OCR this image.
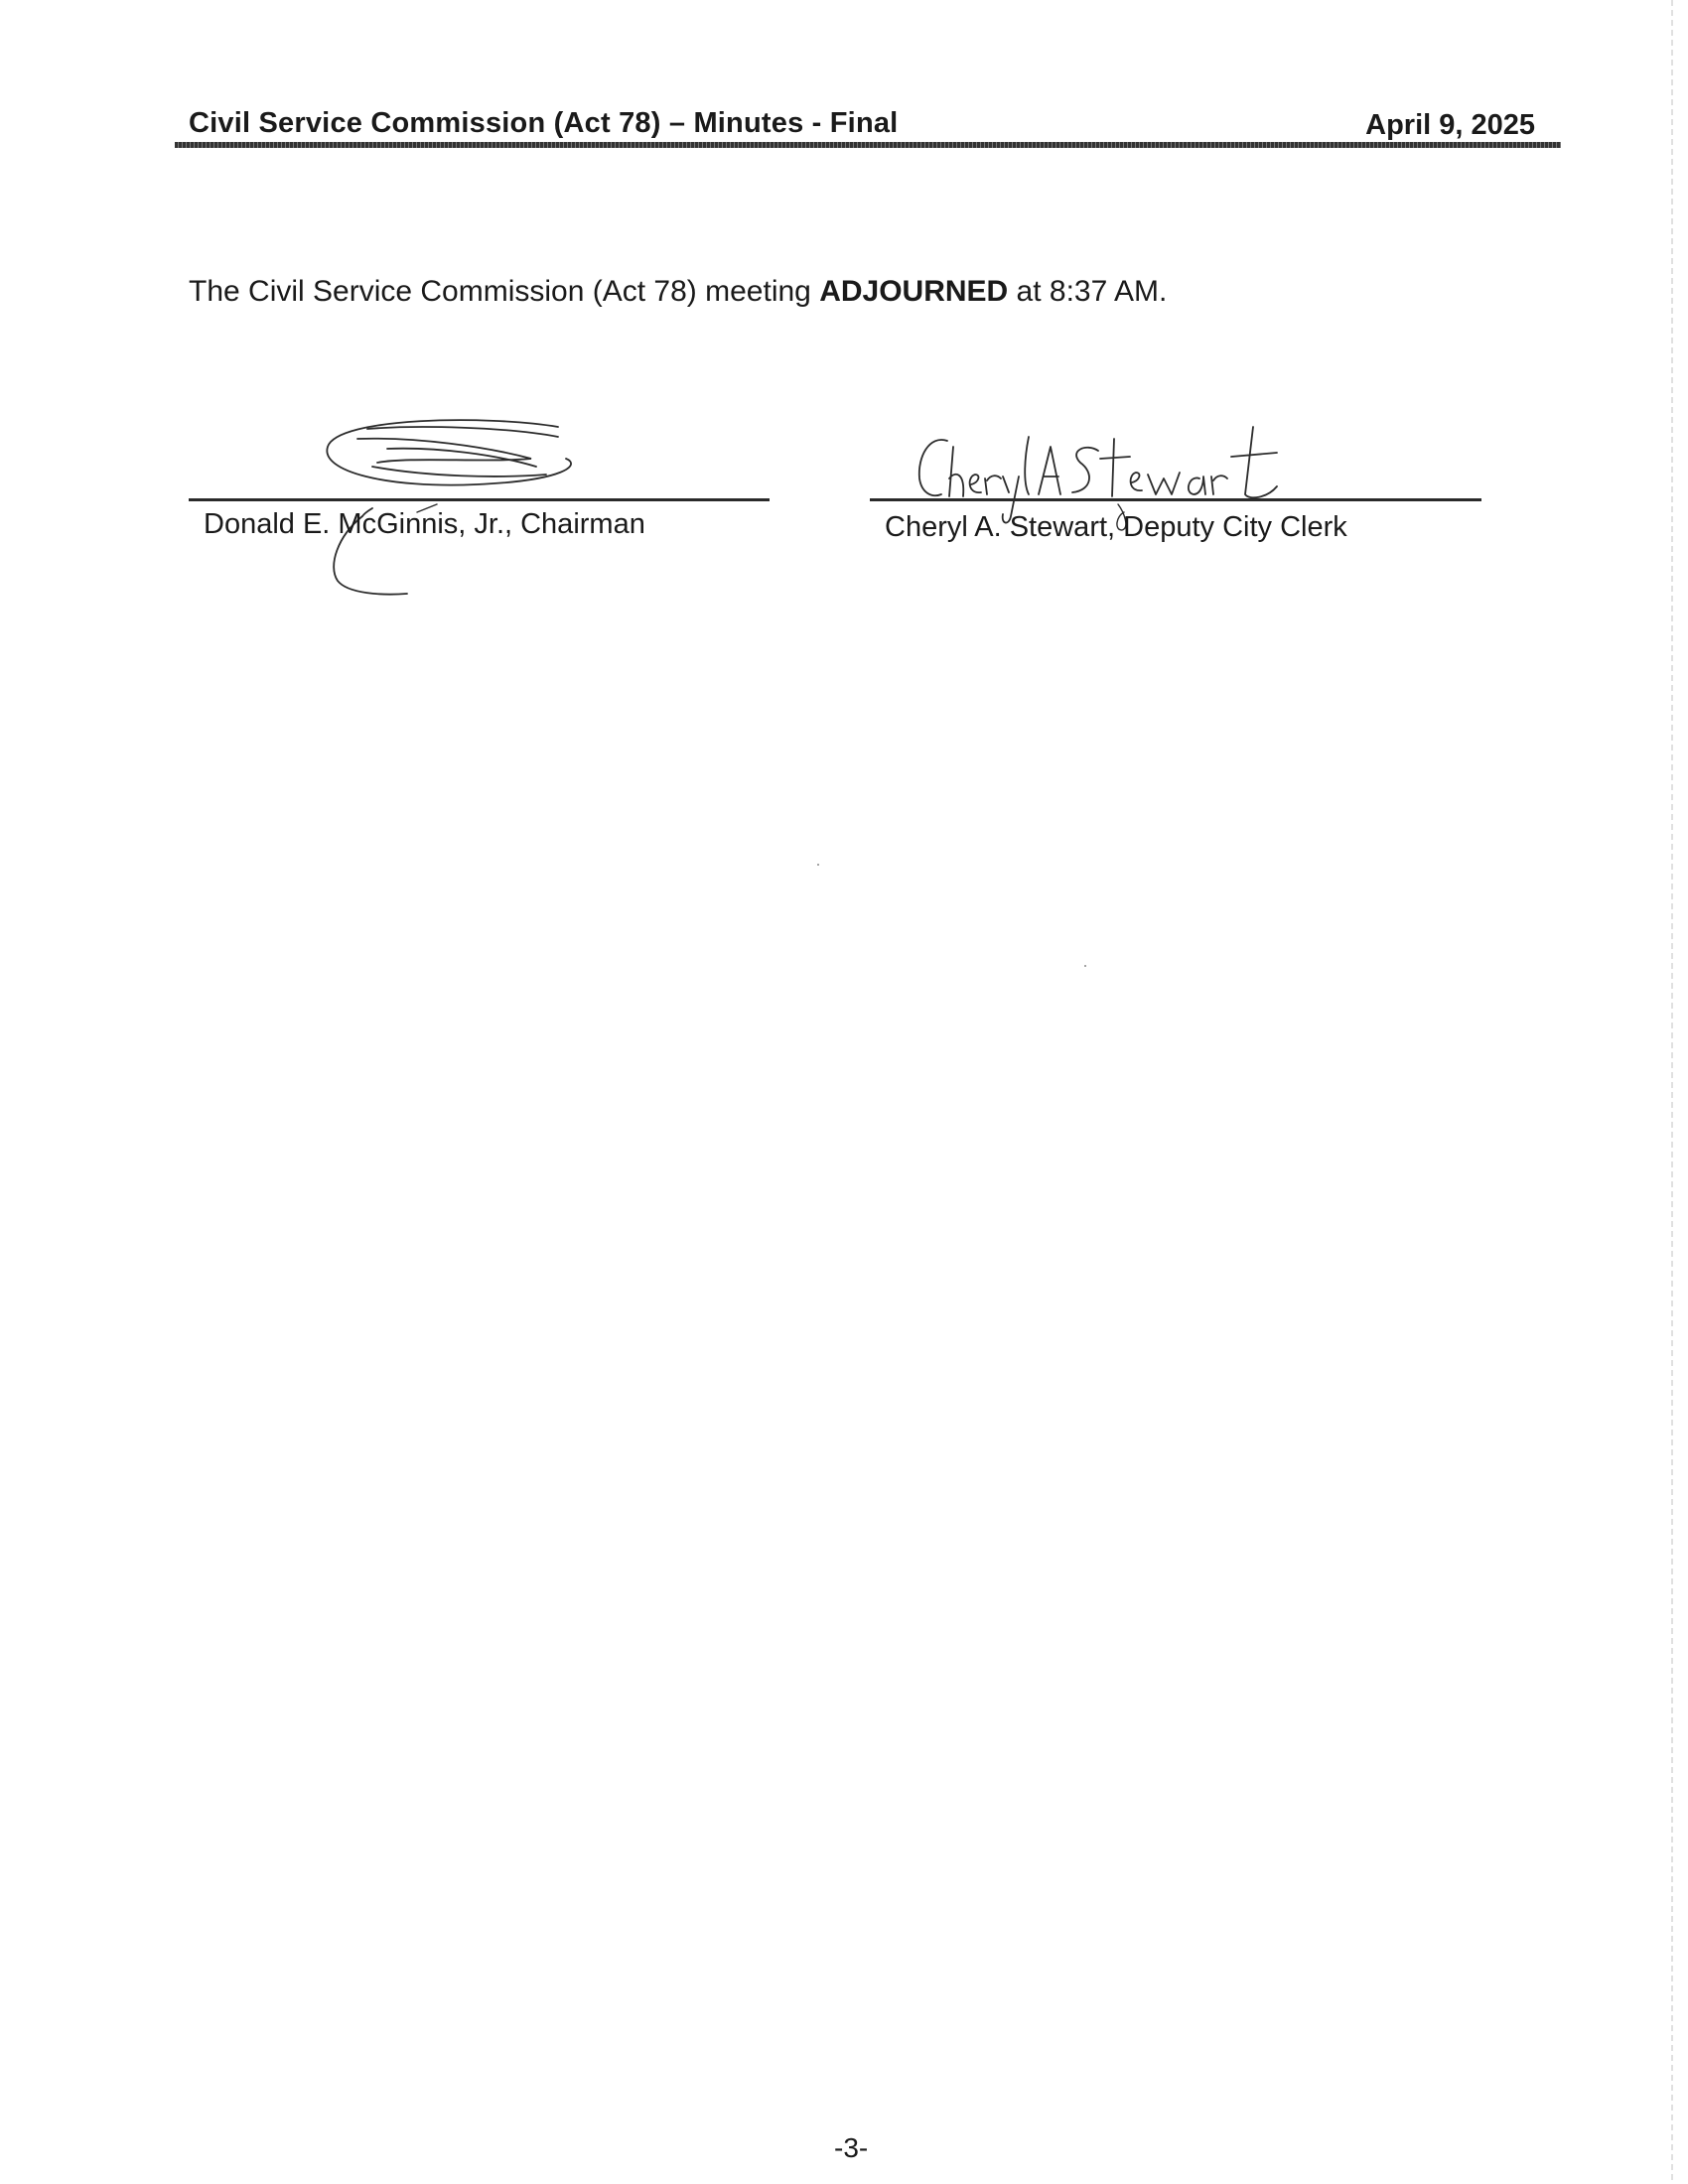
Civil Service Commission (Act 78) – Minutes - Final	April 9, 2025
The Civil Service Commission (Act 78) meeting ADJOURNED at 8:37 AM.
Donald E. McGinnis, Jr., Chairman	Cheryl A. Stewart, Deputy City Clerk
-3-
